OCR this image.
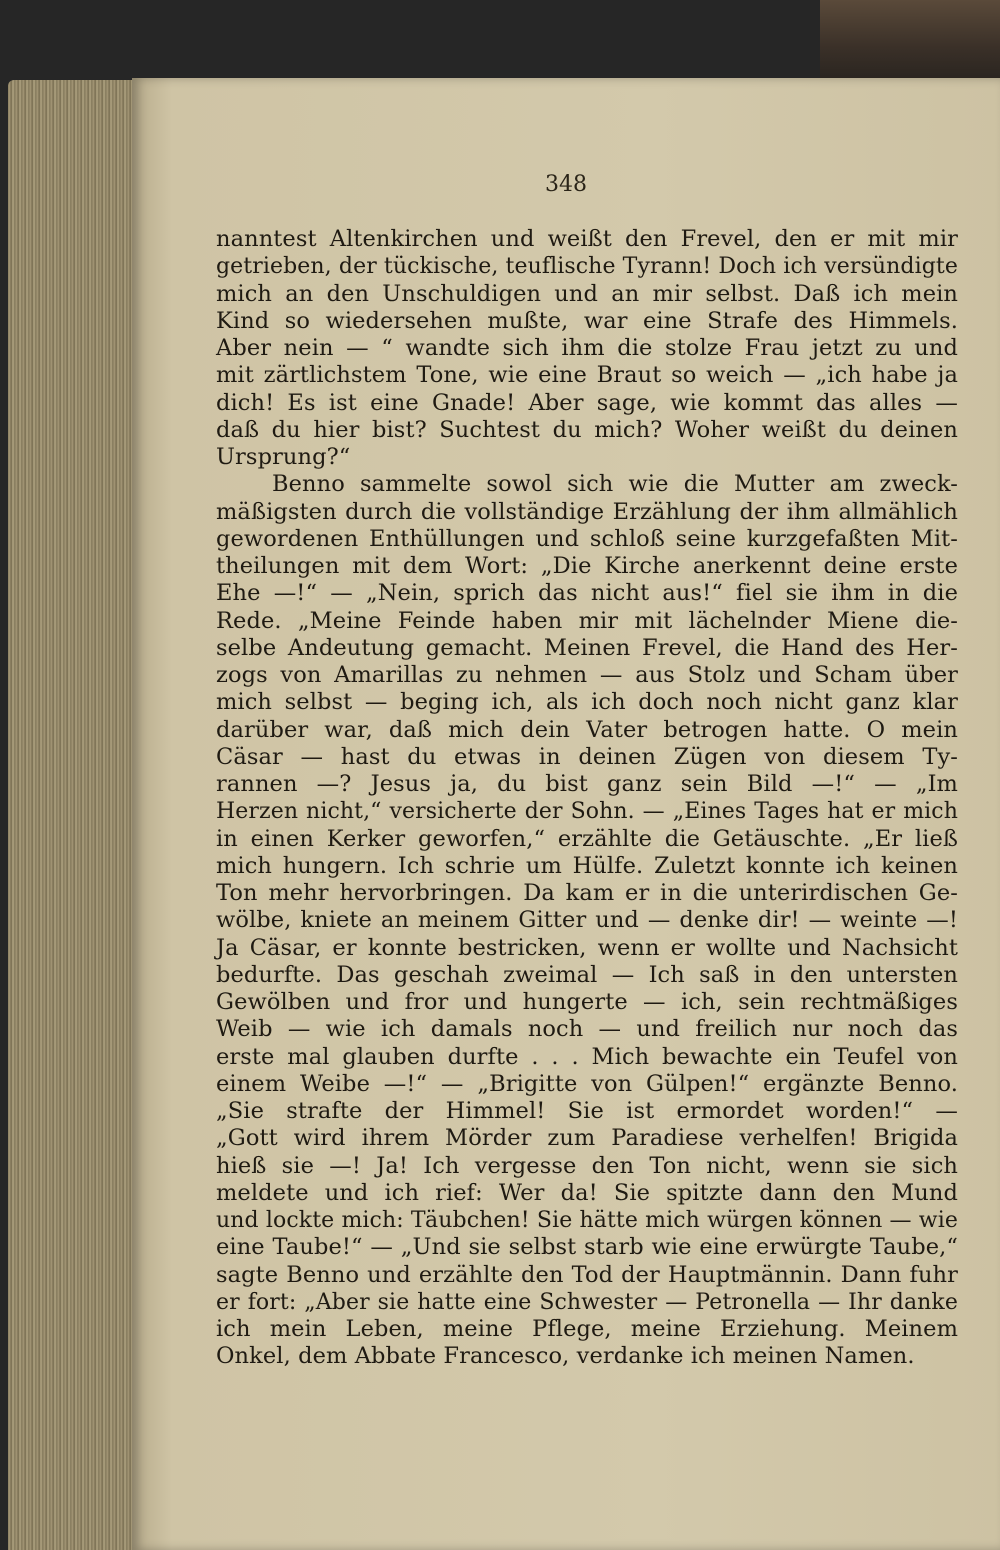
348
nanntest Altenkirchen und weißt den Frevel, den er mit mir
getrieben, der tückische, teuflische Tyrann! Doch ich versündigte
mich an den Unschuldigen und an mir selbst. Daß ich mein
Kind so wiedersehen mußte, war eine Strafe des Himmels.
Aber nein — “ wandte sich ihm die stolze Frau jetzt zu und
mit zärtlichstem Tone, wie eine Braut so weich — „ich habe ja
dich! Es ist eine Gnade! Aber sage, wie kommt das alles —
daß du hier bist? Suchtest du mich? Woher weißt du deinen
Ursprung?“
Benno sammelte sowol sich wie die Mutter am zweck-
mäßigsten durch die vollständige Erzählung der ihm allmählich
gewordenen Enthüllungen und schloß seine kurzgefaßten Mit-
theilungen mit dem Wort: „Die Kirche anerkennt deine erste
Ehe —!“ — „Nein, sprich das nicht aus!“ fiel sie ihm in die
Rede. „Meine Feinde haben mir mit lächelnder Miene die-
selbe Andeutung gemacht. Meinen Frevel, die Hand des Her-
zogs von Amarillas zu nehmen — aus Stolz und Scham über
mich selbst — beging ich, als ich doch noch nicht ganz klar
darüber war, daß mich dein Vater betrogen hatte. O mein
Cäsar — hast du etwas in deinen Zügen von diesem Ty-
rannen —? Jesus ja, du bist ganz sein Bild —!“ — „Im
Herzen nicht,“ versicherte der Sohn. — „Eines Tages hat er mich
in einen Kerker geworfen,“ erzählte die Getäuschte. „Er ließ
mich hungern. Ich schrie um Hülfe. Zuletzt konnte ich keinen
Ton mehr hervorbringen. Da kam er in die unterirdischen Ge-
wölbe, kniete an meinem Gitter und — denke dir! — weinte —!
Ja Cäsar, er konnte bestricken, wenn er wollte und Nachsicht
bedurfte. Das geschah zweimal — Ich saß in den untersten
Gewölben und fror und hungerte — ich, sein rechtmäßiges
Weib — wie ich damals noch — und freilich nur noch das
erste mal glauben durfte . . . Mich bewachte ein Teufel von
einem Weibe —!“ — „Brigitte von Gülpen!“ ergänzte Benno.
„Sie strafte der Himmel! Sie ist ermordet worden!“ —
„Gott wird ihrem Mörder zum Paradiese verhelfen! Brigida
hieß sie —! Ja! Ich vergesse den Ton nicht, wenn sie sich
meldete und ich rief: Wer da! Sie spitzte dann den Mund
und lockte mich: Täubchen! Sie hätte mich würgen können — wie
eine Taube!“ — „Und sie selbst starb wie eine erwürgte Taube,“
sagte Benno und erzählte den Tod der Hauptmännin. Dann fuhr
er fort: „Aber sie hatte eine Schwester — Petronella — Ihr danke
ich mein Leben, meine Pflege, meine Erziehung. Meinem
Onkel, dem Abbate Francesco, verdanke ich meinen Namen.
